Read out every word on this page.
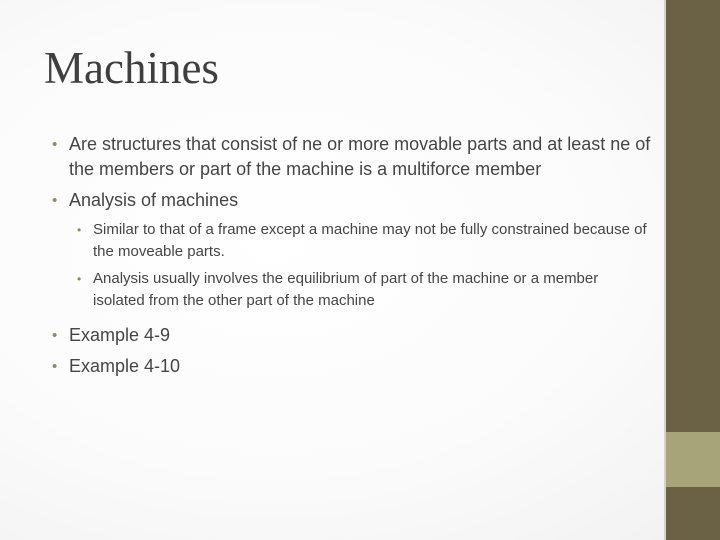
Machines
• Are structures that consist of ne or more movable parts and at least ne of the members or part of the machine is a multiforce member
• Analysis of machines
• Similar to that of a frame except a machine may not be fully constrained because of the moveable parts.
• Analysis usually involves the equilibrium of part of the machine or a member isolated from the other part of the machine
• Example 4-9
• Example 4-10
